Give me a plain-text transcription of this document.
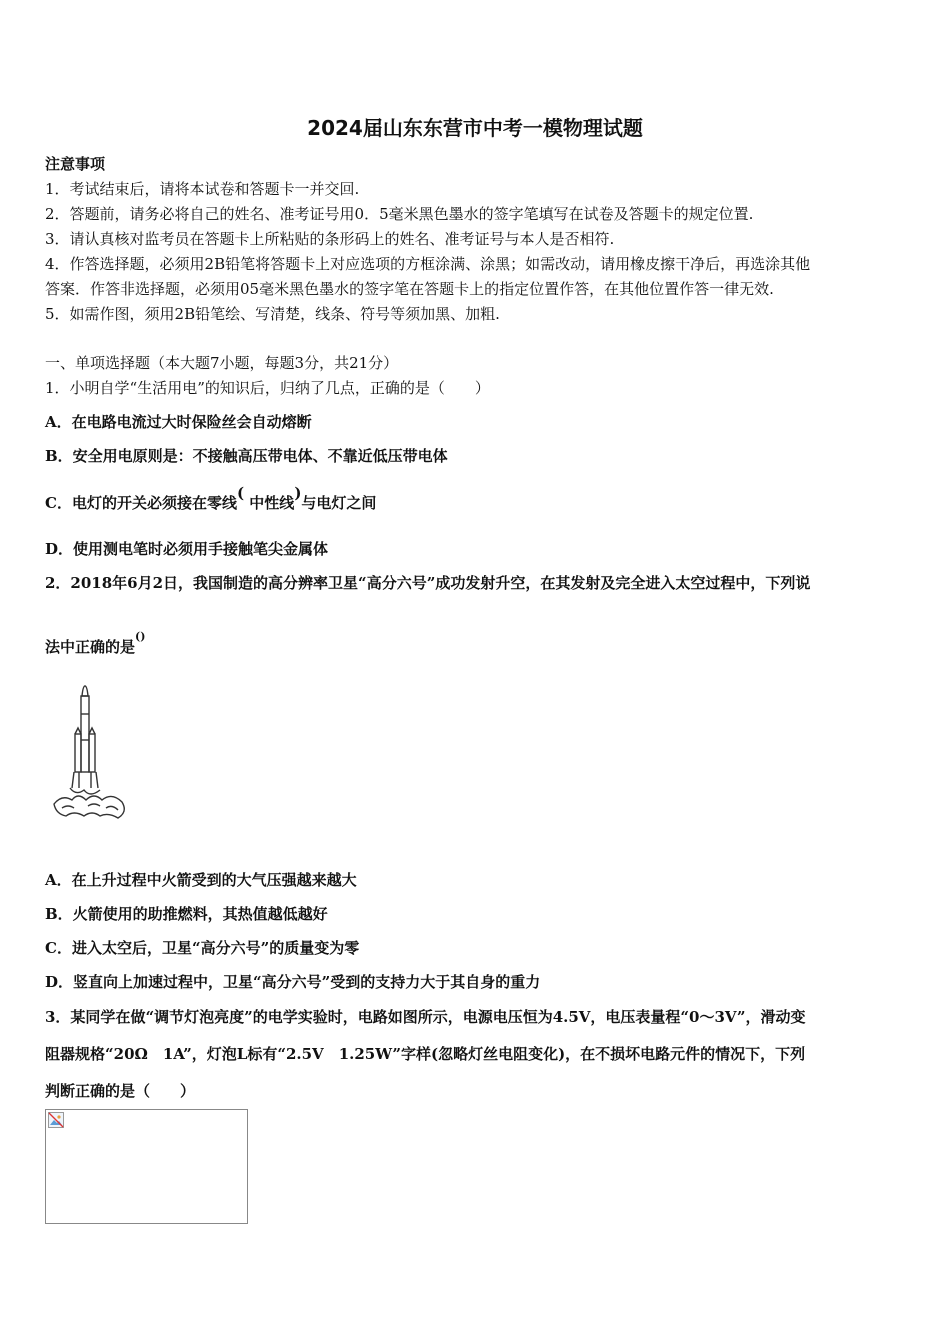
2024届山东东营市中考一模物理试题
注意事项
1．考试结束后，请将本试卷和答题卡一并交回.
2．答题前，请务必将自己的姓名、准考证号用0．5毫米黑色墨水的签字笔填写在试卷及答题卡的规定位置.
3．请认真核对监考员在答题卡上所粘贴的条形码上的姓名、准考证号与本人是否相符.
4．作答选择题，必须用2B铅笔将答题卡上对应选项的方框涂满、涂黑；如需改动，请用橡皮擦干净后，再选涂其他
答案．作答非选择题，必须用05毫米黑色墨水的签字笔在答题卡上的指定位置作答，在其他位置作答一律无效.
5．如需作图，须用2B铅笔绘、写清楚，线条、符号等须加黑、加粗.
一、单项选择题（本大题7小题，每题3分，共21分）
1．小明自学“生活用电”的知识后，归纳了几点，正确的是（　　）
A．在电路电流过大时保险丝会自动熔断
B．安全用电原则是：不接触高压带电体、不靠近低压带电体
C．电灯的开关必须接在零线( 中性线)与电灯之间
D．使用测电笔时必须用手接触笔尖金属体
2．2018年6月2日，我国制造的高分辨率卫星“高分六号”成功发射升空，在其发射及完全进入太空过程中，下列说
法中正确的是()
A．在上升过程中火箭受到的大气压强越来越大
B．火箭使用的助推燃料，其热值越低越好
C．进入太空后，卫星“高分六号”的质量变为零
D．竖直向上加速过程中，卫星“高分六号”受到的支持力大于其自身的重力
3．某同学在做“调节灯泡亮度”的电学实验时，电路如图所示，电源电压恒为4.5V，电压表量程“0～3V”，滑动变
阻器规格“20Ω　1A”，灯泡L标有“2.5V　1.25W”字样(忽略灯丝电阻变化)，在不损坏电路元件的情况下，下列
判断正确的是（　　）
